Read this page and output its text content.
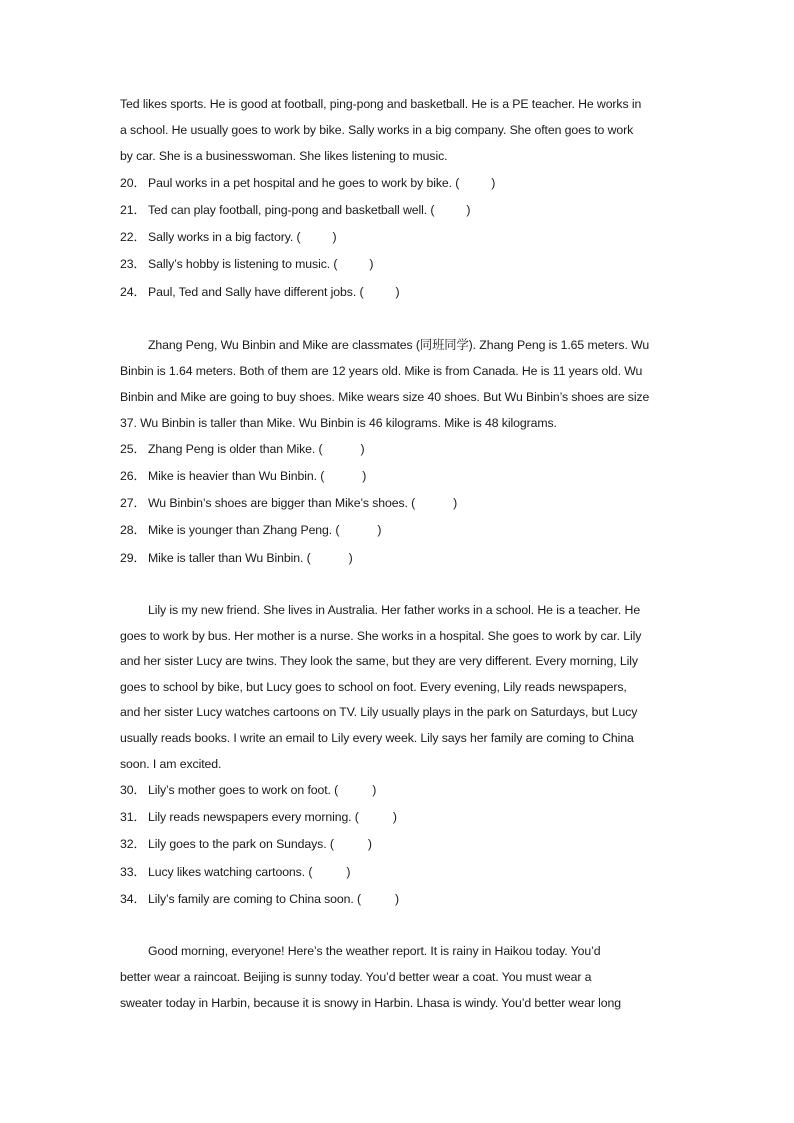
Ted likes sports. He is good at football, ping-pong and basketball. He is a PE teacher. He works in
a school. He usually goes to work by bike. Sally works in a big company. She often goes to work
by car. She is a businesswoman. She likes listening to music.
20． Paul works in a pet hospital and he goes to work by bike. (	)
21． Ted can play football, ping-pong and basketball well. (	)
22． Sally works in a big factory. (	)
23． Sally’s hobby is listening to music. (	)
24． Paul, Ted and Sally have different jobs. (	)
Zhang Peng, Wu Binbin and Mike are classmates (同班同学). Zhang Peng is 1.65 meters. Wu
Binbin is 1.64 meters. Both of them are 12 years old. Mike is from Canada. He is 11 years old. Wu
Binbin and Mike are going to buy shoes. Mike wears size 40 shoes. But Wu Binbin’s shoes are size
37. Wu Binbin is taller than Mike. Wu Binbin is 46 kilograms. Mike is 48 kilograms.
25． Zhang Peng is older than Mike. (	)
26． Mike is heavier than Wu Binbin. (	)
27． Wu Binbin’s shoes are bigger than Mike’s shoes. (	)
28． Mike is younger than Zhang Peng. (	)
29． Mike is taller than Wu Binbin. (	)
Lily is my new friend. She lives in Australia. Her father works in a school. He is a teacher. He
goes to work by bus. Her mother is a nurse. She works in a hospital. She goes to work by car. Lily
and her sister Lucy are twins. They look the same, but they are very different. Every morning, Lily
goes to school by bike, but Lucy goes to school on foot. Every evening, Lily reads newspapers,
and her sister Lucy watches cartoons on TV. Lily usually plays in the park on Saturdays, but Lucy
usually reads books. I write an email to Lily every week. Lily says her family are coming to China
soon. I am excited.
30． Lily’s mother goes to work on foot. (	)
31． Lily reads newspapers every morning. (	)
32． Lily goes to the park on Sundays. (	)
33． Lucy likes watching cartoons. (	)
34． Lily’s family are coming to China soon. (	)
Good morning, everyone! Here’s the weather report. It is rainy in Haikou today. You’d
better wear a raincoat. Beijing is sunny today. You’d better wear a coat. You must wear a
sweater today in Harbin, because it is snowy in Harbin. Lhasa is windy. You’d better wear long
